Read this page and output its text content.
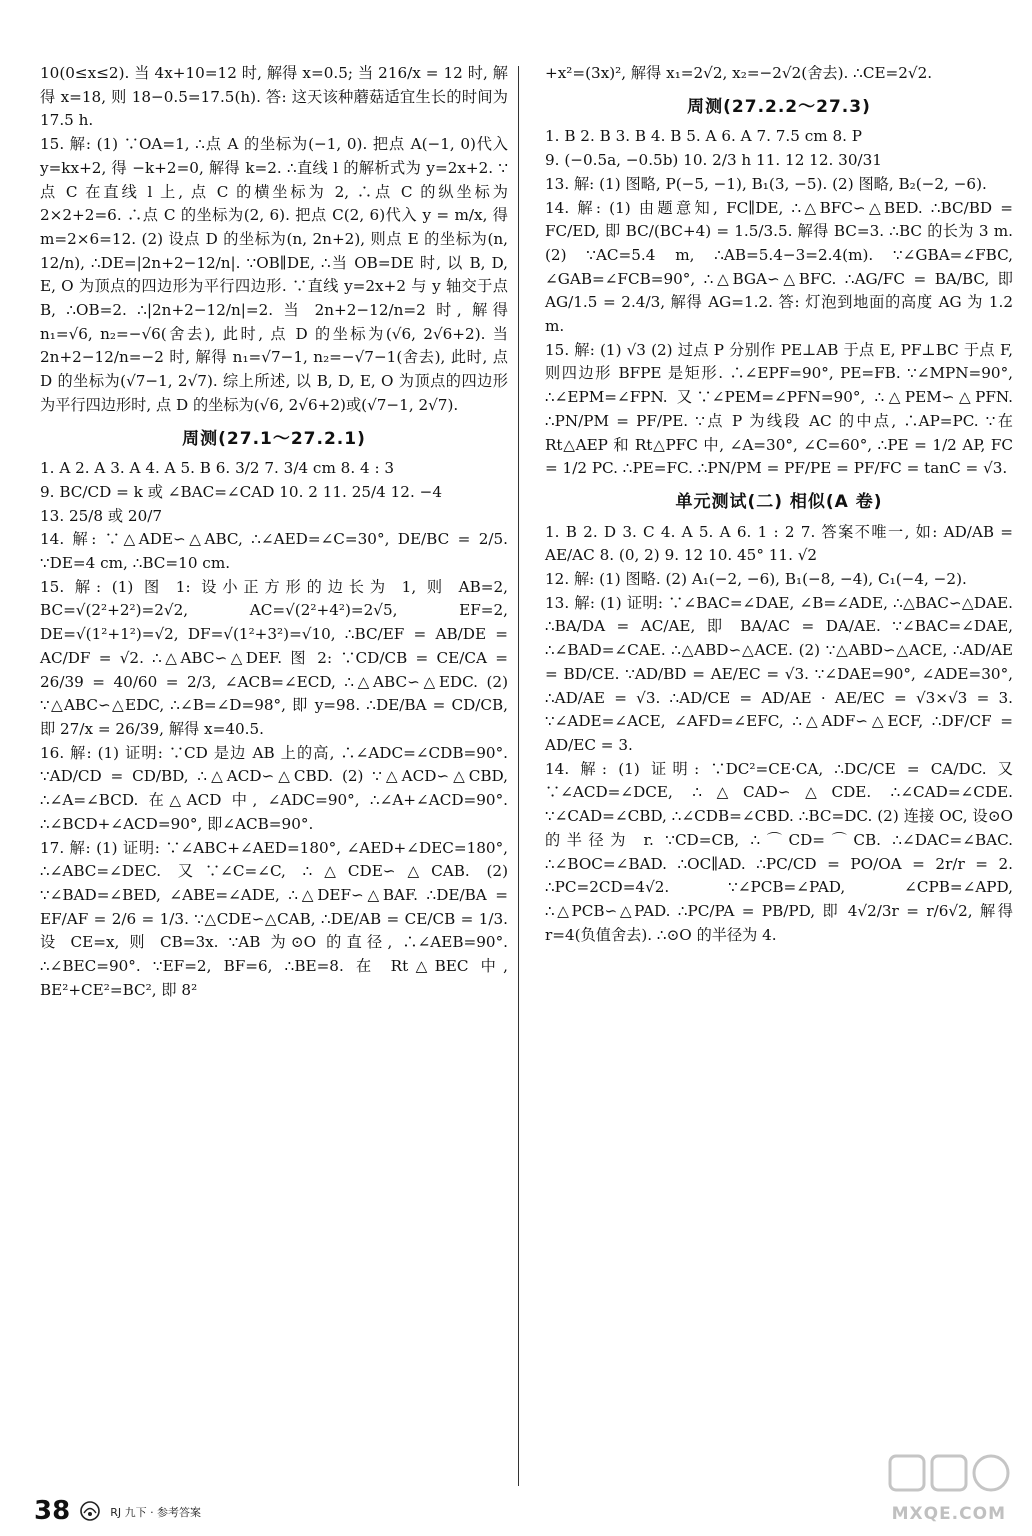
10(0≤x≤2). 当 4x+10=12 时, 解得 x=0.5; 当 216/x = 12 时, 解得 x=18, 则 18−0.5=17.5(h). 答: 这天该种蘑菇适宜生长的时间为 17.5 h.

15. 解: (1) ∵OA=1, ∴点 A 的坐标为(−1, 0). 把点 A(−1, 0)代入 y=kx+2, 得 −k+2=0, 解得 k=2. ∴直线 l 的解析式为 y=2x+2. ∵点 C 在直线 l 上, 点 C 的横坐标为 2, ∴点 C 的纵坐标为 2×2+2=6. ∴点 C 的坐标为(2, 6). 把点 C(2, 6)代入 y = m/x, 得 m=2×6=12. (2) 设点 D 的坐标为(n, 2n+2), 则点 E 的坐标为(n, 12/n), ∴DE=|2n+2−12/n|. ∵OB∥DE, ∴当 OB=DE 时, 以 B, D, E, O 为顶点的四边形为平行四边形. ∵直线 y=2x+2 与 y 轴交于点 B, ∴OB=2. ∴|2n+2−12/n|=2. 当 2n+2−12/n=2 时, 解得 n₁=√6, n₂=−√6(舍去), 此时, 点 D 的坐标为(√6, 2√6+2). 当 2n+2−12/n=−2 时, 解得 n₁=√7−1, n₂=−√7−1(舍去), 此时, 点 D 的坐标为(√7−1, 2√7). 综上所述, 以 B, D, E, O 为顶点的四边形为平行四边形时, 点 D 的坐标为(√6, 2√6+2)或(√7−1, 2√7).

周测(27.1～27.2.1)

1. A 2. A 3. A 4. A 5. B 6. 3/2 7. 3/4 cm 8. 4 : 3

9. BC/CD = k 或 ∠BAC=∠CAD 10. 2 11. 25/4 12. −4

13. 25/8 或 20/7

14. 解: ∵△ADE∽△ABC, ∴∠AED=∠C=30°, DE/BC = 2/5. ∵DE=4 cm, ∴BC=10 cm.

15. 解: (1) 图 1: 设小正方形的边长为 1, 则 AB=2, BC=√(2²+2²)=2√2, AC=√(2²+4²)=2√5, EF=2, DE=√(1²+1²)=√2, DF=√(1²+3²)=√10, ∴BC/EF = AB/DE = AC/DF = √2. ∴△ABC∽△DEF. 图 2: ∵CD/CB = CE/CA = 26/39 = 40/60 = 2/3, ∠ACB=∠ECD, ∴△ABC∽△EDC. (2) ∵△ABC∽△EDC, ∴∠B=∠D=98°, 即 y=98. ∴DE/BA = CD/CB, 即 27/x = 26/39, 解得 x=40.5.

16. 解: (1) 证明: ∵CD 是边 AB 上的高, ∴∠ADC=∠CDB=90°. ∵AD/CD = CD/BD, ∴△ACD∽△CBD. (2) ∵△ACD∽△CBD, ∴∠A=∠BCD. 在△ACD 中, ∠ADC=90°, ∴∠A+∠ACD=90°. ∴∠BCD+∠ACD=90°, 即∠ACB=90°.

17. 解: (1) 证明: ∵∠ABC+∠AED=180°, ∠AED+∠DEC=180°, ∴∠ABC=∠DEC. 又∵∠C=∠C, ∴△CDE∽△CAB. (2) ∵∠BAD=∠BED, ∠ABE=∠ADE, ∴△DEF∽△BAF. ∴DE/BA = EF/AF = 2/6 = 1/3. ∵△CDE∽△CAB, ∴DE/AB = CE/CB = 1/3. 设 CE=x, 则 CB=3x. ∵AB 为⊙O 的直径, ∴∠AEB=90°. ∴∠BEC=90°. ∵EF=2, BF=6, ∴BE=8. 在 Rt△BEC 中, BE²+CE²=BC², 即 8²

+x²=(3x)², 解得 x₁=2√2, x₂=−2√2(舍去). ∴CE=2√2.

周测(27.2.2～27.3)

1. B 2. B 3. B 4. B 5. A 6. A 7. 7.5 cm 8. P

9. (−0.5a, −0.5b) 10. 2/3 h 11. 12 12. 30/31

13. 解: (1) 图略, P(−5, −1), B₁(3, −5). (2) 图略, B₂(−2, −6).

14. 解: (1) 由题意知, FC∥DE, ∴△BFC∽△BED. ∴BC/BD = FC/ED, 即 BC/(BC+4) = 1.5/3.5. 解得 BC=3. ∴BC 的长为 3 m. (2) ∵AC=5.4 m, ∴AB=5.4−3=2.4(m). ∵∠GBA=∠FBC, ∠GAB=∠FCB=90°, ∴△BGA∽△BFC. ∴AG/FC = BA/BC, 即 AG/1.5 = 2.4/3, 解得 AG=1.2. 答: 灯泡到地面的高度 AG 为 1.2 m.

15. 解: (1) √3 (2) 过点 P 分别作 PE⊥AB 于点 E, PF⊥BC 于点 F, 则四边形 BFPE 是矩形. ∴∠EPF=90°, PE=FB. ∵∠MPN=90°, ∴∠EPM=∠FPN. 又∵∠PEM=∠PFN=90°, ∴△PEM∽△PFN. ∴PN/PM = PF/PE. ∵点 P 为线段 AC 的中点, ∴AP=PC. ∵在 Rt△AEP 和 Rt△PFC 中, ∠A=30°, ∠C=60°, ∴PE = 1/2 AP, FC = 1/2 PC. ∴PE=FC. ∴PN/PM = PF/PE = PF/FC = tanC = √3.

单元测试(二) 相似(A 卷)

1. B 2. D 3. C 4. A 5. A 6. 1 : 2 7. 答案不唯一, 如: AD/AB = AE/AC 8. (0, 2) 9. 12 10. 45° 11. √2

12. 解: (1) 图略. (2) A₁(−2, −6), B₁(−8, −4), C₁(−4, −2).

13. 解: (1) 证明: ∵∠BAC=∠DAE, ∠B=∠ADE, ∴△BAC∽△DAE. ∴BA/DA = AC/AE, 即 BA/AC = DA/AE. ∵∠BAC=∠DAE, ∴∠BAD=∠CAE. ∴△ABD∽△ACE. (2) ∵△ABD∽△ACE, ∴AD/AE = BD/CE. ∵AD/BD = AE/EC = √3. ∵∠DAE=90°, ∠ADE=30°, ∴AD/AE = √3. ∴AD/CE = AD/AE · AE/EC = √3×√3 = 3. ∵∠ADE=∠ACE, ∠AFD=∠EFC, ∴△ADF∽△ECF, ∴DF/CF = AD/EC = 3.

14. 解: (1) 证明: ∵DC²=CE·CA, ∴DC/CE = CA/DC. 又∵∠ACD=∠DCE, ∴△CAD∽△CDE. ∴∠CAD=∠CDE. ∵∠CAD=∠CBD, ∴∠CDB=∠CBD. ∴BC=DC. (2) 连接 OC, 设⊙O 的半径为 r. ∵CD=CB, ∴⌒CD=⌒CB. ∴∠DAC=∠BAC. ∴∠BOC=∠BAD. ∴OC∥AD. ∴PC/CD = PO/OA = 2r/r = 2. ∴PC=2CD=4√2. ∵∠PCB=∠PAD, ∠CPB=∠APD, ∴△PCB∽△PAD. ∴PC/PA = PB/PD, 即 4√2/3r = r/6√2, 解得 r=4(负值舍去). ∴⊙O 的半径为 4.

38	RJ 九下 · 参考答案	MXQE.COM
